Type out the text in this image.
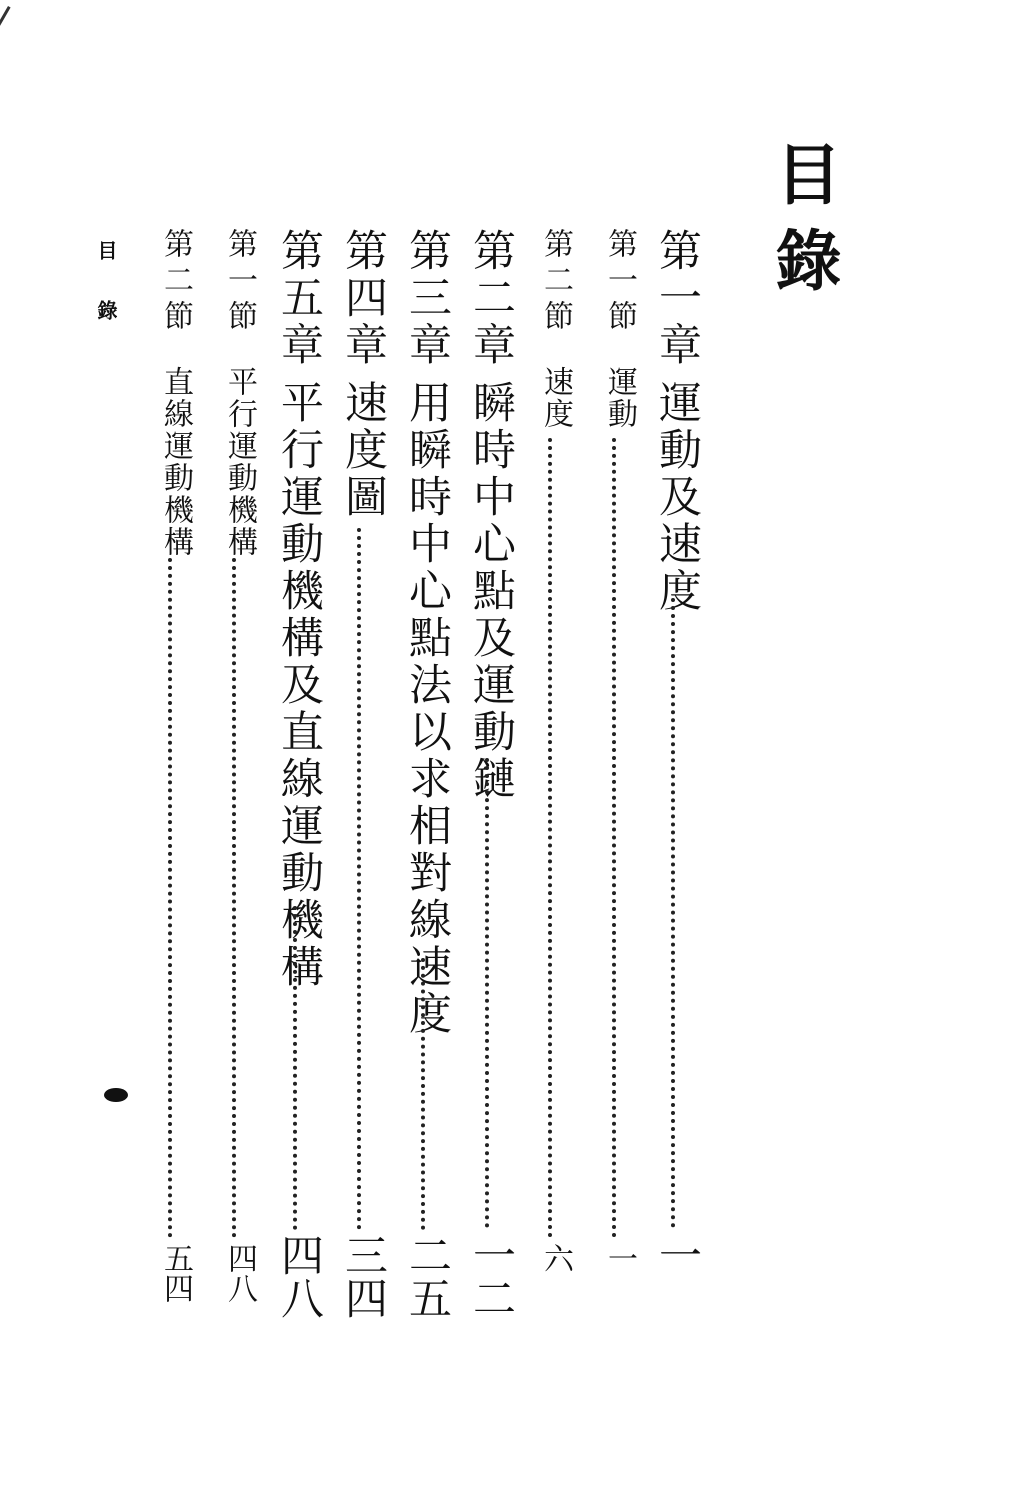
目錄
第一章
運動及速度
一
第一節
運動
一
第二節
速度
六
第二章
瞬時中心點及運動鏈
一二
第三章
用瞬時中心點法以求相對線速度
二五
第四章
速度圖
三四
第五章
平行運動機構及直線運動機構
四八
第一節
平行運動機構
四八
第二節
直線運動機構
五四
目錄
